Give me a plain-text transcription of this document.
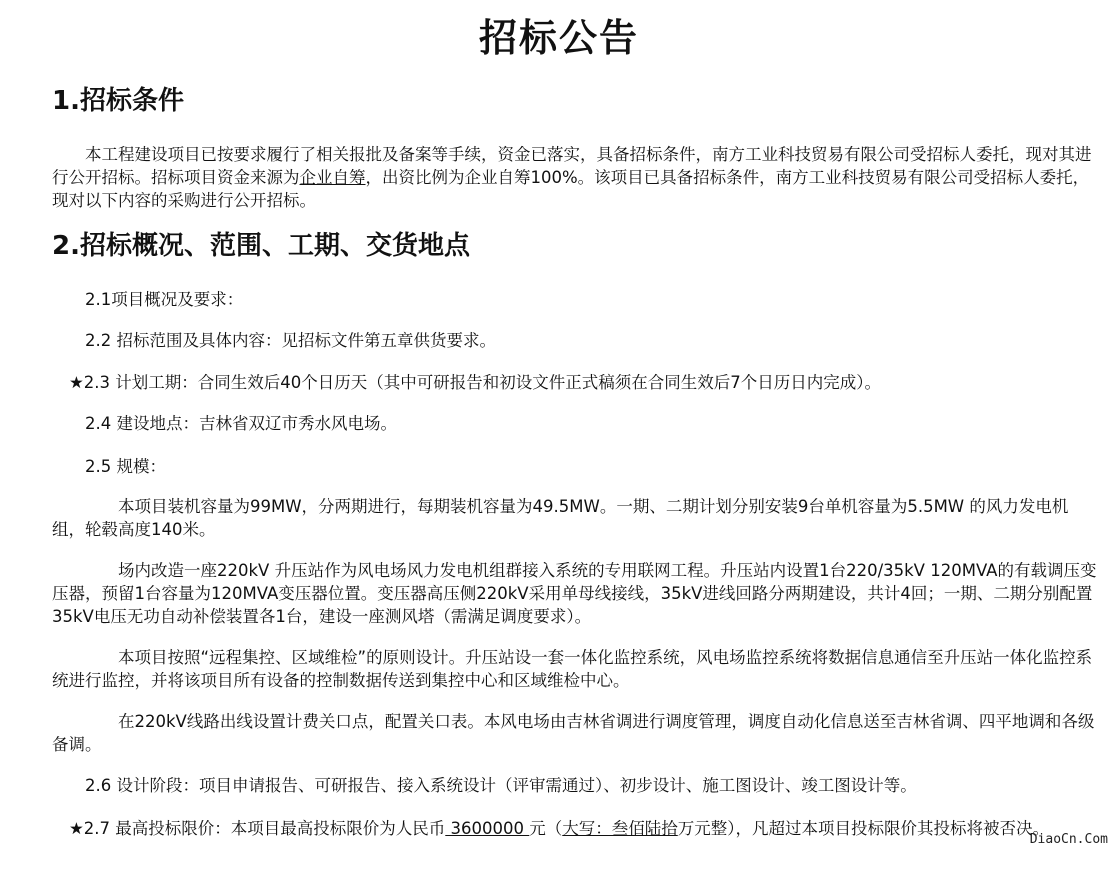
招标公告
1.招标条件
本工程建设项目已按要求履行了相关报批及备案等手续，资金已落实，具备招标条件，南方工业科技贸易有限公司受招标人委托，现对其进行公开招标。招标项目资金来源为企业自筹，出资比例为企业自筹100%。该项目已具备招标条件，南方工业科技贸易有限公司受招标人委托，现对以下内容的采购进行公开招标。
2.招标概况、范围、工期、交货地点
2.1项目概况及要求：
2.2 招标范围及具体内容：见招标文件第五章供货要求。
★2.3 计划工期：合同生效后40个日历天（其中可研报告和初设文件正式稿须在合同生效后7个日历日内完成）。
2.4 建设地点：吉林省双辽市秀水风电场。
2.5 规模：
本项目装机容量为99MW，分两期进行，每期装机容量为49.5MW。一期、二期计划分别安装9台单机容量为5.5MW 的风力发电机组，轮毂高度140米。
场内改造一座220kV 升压站作为风电场风力发电机组群接入系统的专用联网工程。升压站内设置1台220/35kV 120MVA的有载调压变压器，预留1台容量为120MVA变压器位置。变压器高压侧220kV采用单母线接线，35kV进线回路分两期建设，共计4回；一期、二期分别配置35kV电压无功自动补偿装置各1台，建设一座测风塔（需满足调度要求）。
本项目按照“远程集控、区域维检”的原则设计。升压站设一套一体化监控系统，风电场监控系统将数据信息通信至升压站一体化监控系统进行监控，并将该项目所有设备的控制数据传送到集控中心和区域维检中心。
在220kV线路出线设置计费关口点，配置关口表。本风电场由吉林省调进行调度管理，调度自动化信息送至吉林省调、四平地调和各级备调。
2.6 设计阶段：项目申请报告、可研报告、接入系统设计（评审需通过）、初步设计、施工图设计、竣工图设计等。
★2.7 最高投标限价：本项目最高投标限价为人民币 3600000 元（大写：叁佰陆拾万元整），凡超过本项目投标限价其投标将被否决。
DiaoCn.Com
